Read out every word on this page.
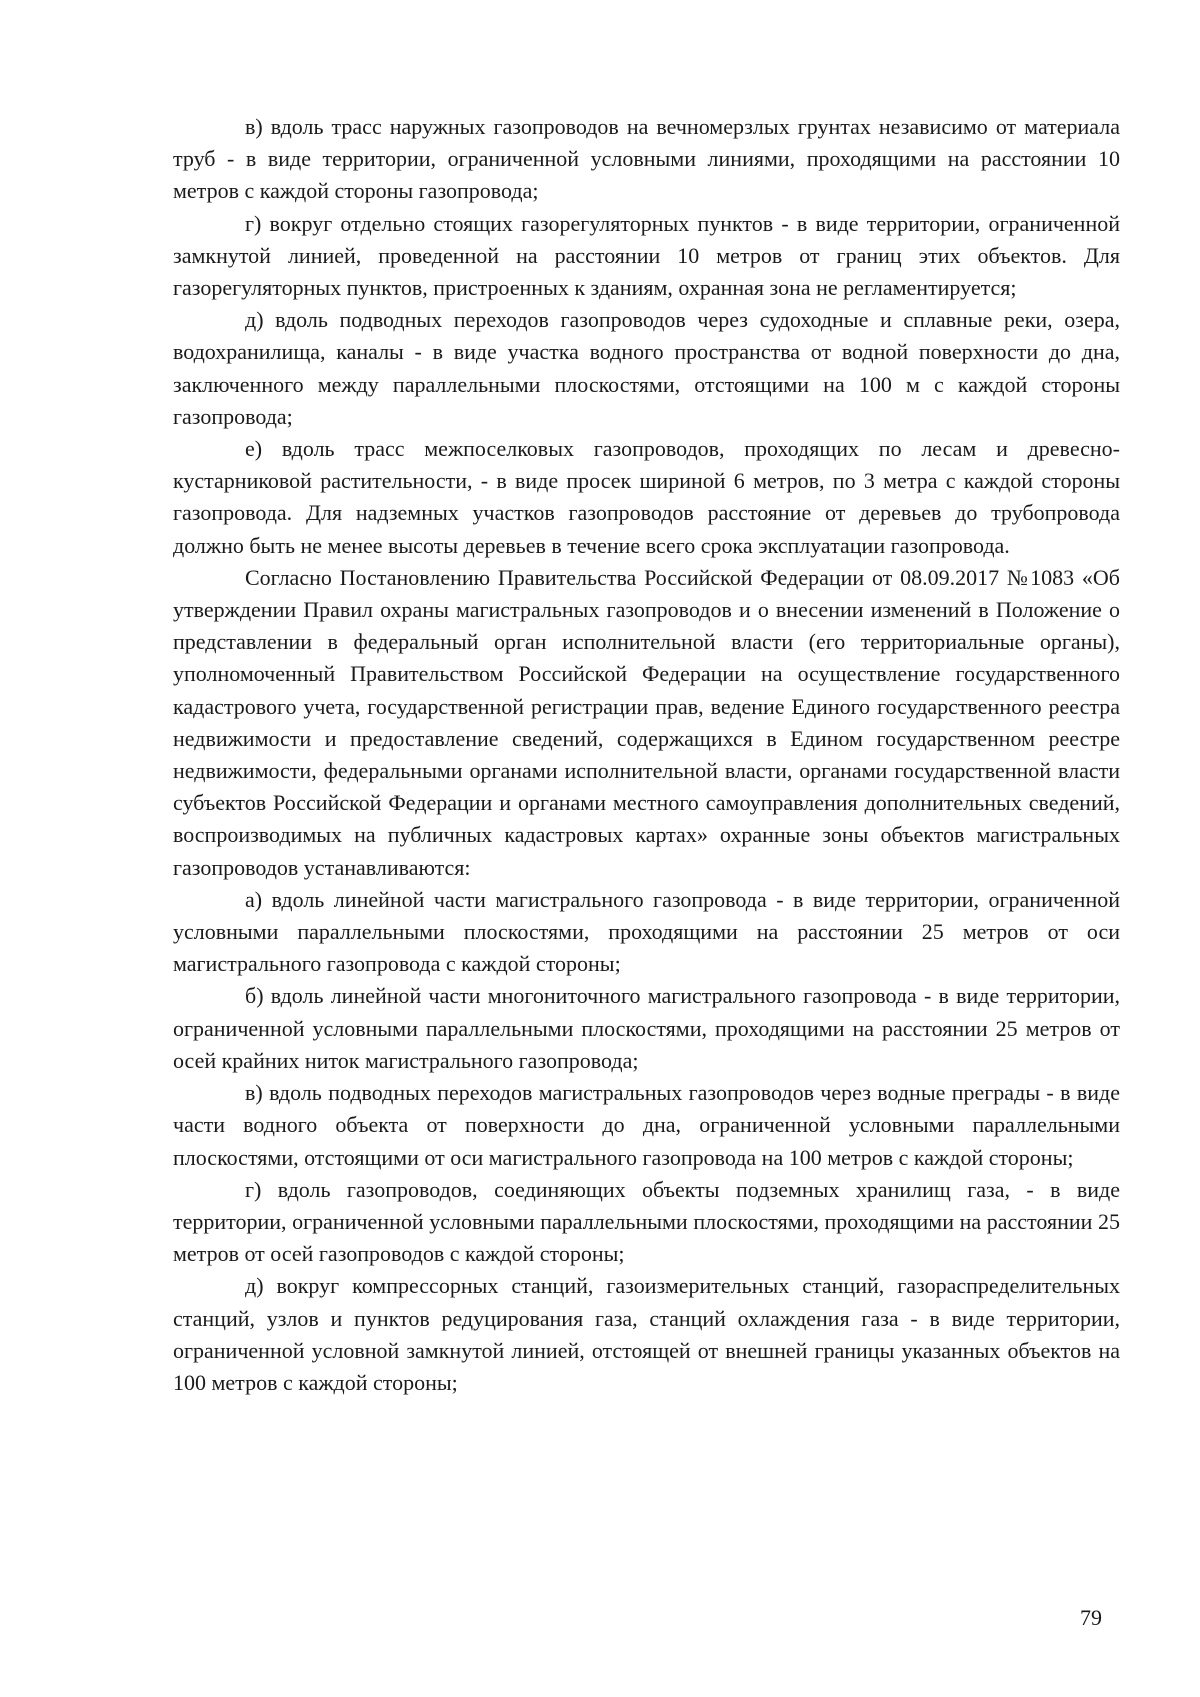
в) вдоль трасс наружных газопроводов на вечномерзлых грунтах независимо от материала труб - в виде территории, ограниченной условными линиями, проходящими на расстоянии 10 метров с каждой стороны газопровода;

г) вокруг отдельно стоящих газорегуляторных пунктов - в виде территории, ограниченной замкнутой линией, проведенной на расстоянии 10 метров от границ этих объектов. Для газорегуляторных пунктов, пристроенных к зданиям, охранная зона не регламентируется;

д) вдоль подводных переходов газопроводов через судоходные и сплавные реки, озера, водохранилища, каналы - в виде участка водного пространства от водной поверхности до дна, заключенного между параллельными плоскостями, отстоящими на 100 м с каждой стороны газопровода;

е) вдоль трасс межпоселковых газопроводов, проходящих по лесам и древесно-кустарниковой растительности, - в виде просек шириной 6 метров, по 3 метра с каждой стороны газопровода. Для надземных участков газопроводов расстояние от деревьев до трубопровода должно быть не менее высоты деревьев в течение всего срока эксплуатации газопровода.

Согласно Постановлению Правительства Российской Федерации от 08.09.2017 №1083 «Об утверждении Правил охраны магистральных газопроводов и о внесении изменений в Положение о представлении в федеральный орган исполнительной власти (его территориальные органы), уполномоченный Правительством Российской Федерации на осуществление государственного кадастрового учета, государственной регистрации прав, ведение Единого государственного реестра недвижимости и предоставление сведений, содержащихся в Едином государственном реестре недвижимости, федеральными органами исполнительной власти, органами государственной власти субъектов Российской Федерации и органами местного самоуправления дополнительных сведений, воспроизводимых на публичных кадастровых картах» охранные зоны объектов магистральных газопроводов устанавливаются:

а) вдоль линейной части магистрального газопровода - в виде территории, ограниченной условными параллельными плоскостями, проходящими на расстоянии 25 метров от оси магистрального газопровода с каждой стороны;

б) вдоль линейной части многониточного магистрального газопровода - в виде территории, ограниченной условными параллельными плоскостями, проходящими на расстоянии 25 метров от осей крайних ниток магистрального газопровода;

в) вдоль подводных переходов магистральных газопроводов через водные преграды - в виде части водного объекта от поверхности до дна, ограниченной условными параллельными плоскостями, отстоящими от оси магистрального газопровода на 100 метров с каждой стороны;

г) вдоль газопроводов, соединяющих объекты подземных хранилищ газа, - в виде территории, ограниченной условными параллельными плоскостями, проходящими на расстоянии 25 метров от осей газопроводов с каждой стороны;

д) вокруг компрессорных станций, газоизмерительных станций, газораспределительных станций, узлов и пунктов редуцирования газа, станций охлаждения газа - в виде территории, ограниченной условной замкнутой линией, отстоящей от внешней границы указанных объектов на 100 метров с каждой стороны;

79
